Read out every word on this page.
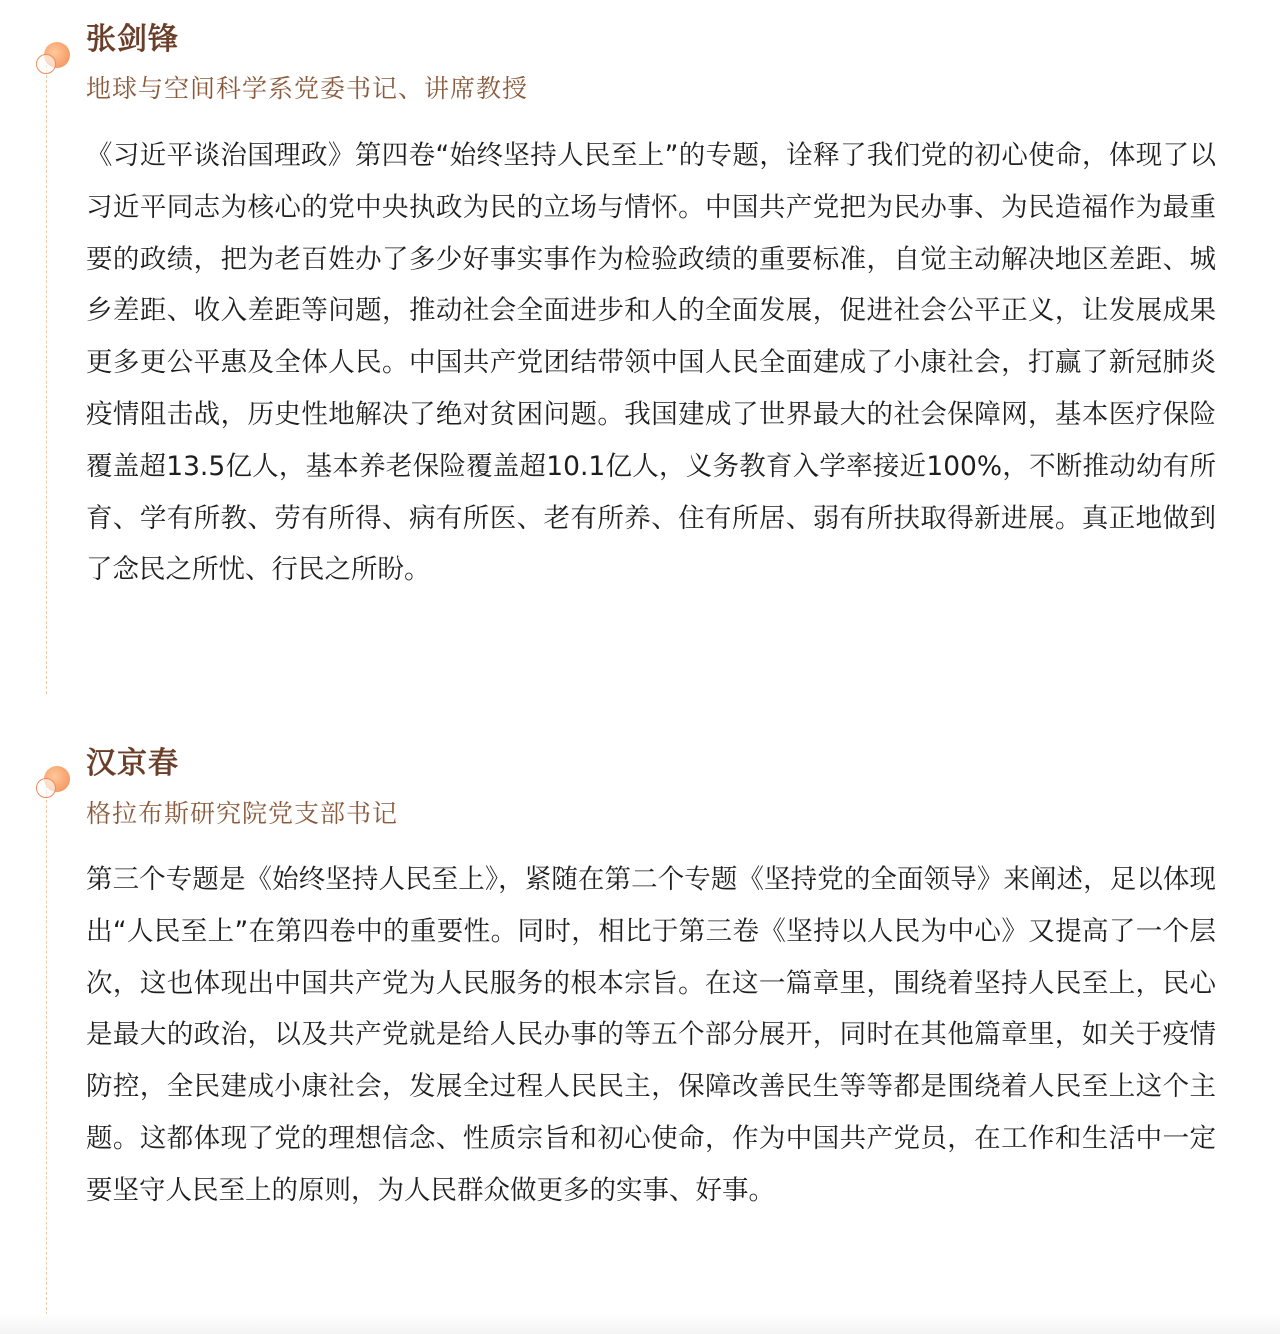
张剑锋
地球与空间科学系党委书记、讲席教授

《习近平谈治国理政》第四卷“始终坚持人民至上”的专题，诠释了我们党的初心使命，体现了以习近平同志为核心的党中央执政为民的立场与情怀。中国共产党把为民办事、为民造福作为最重要的政绩，把为老百姓办了多少好事实事作为检验政绩的重要标准，自觉主动解决地区差距、城乡差距、收入差距等问题，推动社会全面进步和人的全面发展，促进社会公平正义，让发展成果更多更公平惠及全体人民。中国共产党团结带领中国人民全面建成了小康社会，打赢了新冠肺炎疫情阻击战，历史性地解决了绝对贫困问题。我国建成了世界最大的社会保障网，基本医疗保险覆盖超13.5亿人，基本养老保险覆盖超10.1亿人，义务教育入学率接近100%，不断推动幼有所育、学有所教、劳有所得、病有所医、老有所养、住有所居、弱有所扶取得新进展。真正地做到了念民之所忧、行民之所盼。

汉京春
格拉布斯研究院党支部书记

第三个专题是《始终坚持人民至上》，紧随在第二个专题《坚持党的全面领导》来阐述，足以体现出“人民至上”在第四卷中的重要性。同时，相比于第三卷《坚持以人民为中心》又提高了一个层次，这也体现出中国共产党为人民服务的根本宗旨。在这一篇章里，围绕着坚持人民至上，民心是最大的政治，以及共产党就是给人民办事的等五个部分展开，同时在其他篇章里，如关于疫情防控，全民建成小康社会，发展全过程人民民主，保障改善民生等等都是围绕着人民至上这个主题。这都体现了党的理想信念、性质宗旨和初心使命，作为中国共产党员，在工作和生活中一定要坚守人民至上的原则，为人民群众做更多的实事、好事。
